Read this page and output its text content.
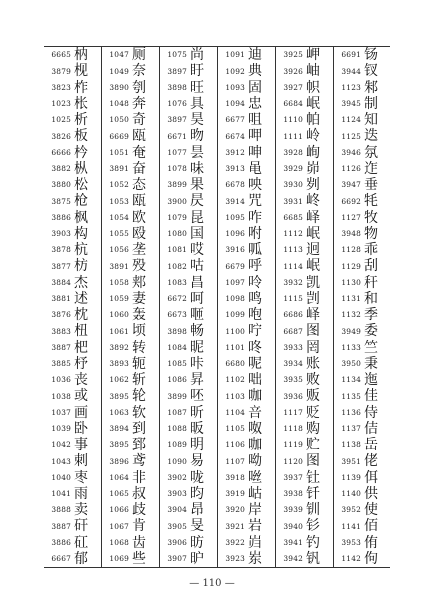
6665 枘
3879 枧
3823 柞
1023 枨
1025 析
3826 板
6666 枔
3882 枞
3880 松
3875 枪
3886 枫
3903 构
3878 杭
3877 枋
3884 杰
3881 述
3876 枕
3883 杻
3887 杷
3885 杼
1036 丧
1038 或
1037 画
1039 卧
1042 事
1043 刺
1040 枣
1041 雨
3888 卖
3887 矸
3886 矼
6667 郁
1047 厕
1049 奈
3890 刳
1048 奔
1050 奇
6669 瓯
1051 奄
3891 奋
1052 态
1053 瓯
1054 欧
1055 殴
1056 垄
3891 殁
1058 郏
1059 妻
1060 轰
1061 顷
3892 转
3893 轭
1062 斩
3895 轮
1063 软
3894 到
3895 郅
3896 鸢
1064 非
1065 叔
1066 歧
1067 肯
1068 齿
1069 些
1075 尚
3897 盱
3898 旺
1076 具
3897 昊
6671 昒
1077 昙
1078 味
3899 果
3900 昃
1079 昆
1080 国
1081 哎
1082 咕
1083 昌
6672 呵
6673 咂
3898 畅
1084 昵
1085 咔
1086 昇
3899 呸
1087 昕
1088 昄
1089 明
1090 易
3902 咙
3903 昀
3904 昂
3905 旻
3906 昉
3907 昈
1091 迪
1092 典
1093 固
1094 忠
6677 咀
6674 呷
3912 呻
3913 黾
6678 咉
3914 咒
1095 咋
1096 咐
3916 呱
6679 呼
1097 呤
1098 鸣
1099 咆
1100 咛
1101 咚
6680 呢
1102 咄
1103 咖
1104 咅
1105 呶
1106 咖
1107 呦
3918 咝
3919 岵
3920 岸
3921 岩
3922 岿
3923 岽
3925 岬
3926 岫
3927 帜
6684 岷
1110 帕
1111 岭
3928 峋
3929 峁
3930 刿
3931 峂
6685 峄
1112 岷
1113 迥
1114 岷
3932 凯
1115 剀
6686 峄
6687 图
3933 罔
3934 账
3935 败
3936 贩
1117 贬
1118 购
1119 贮
1120 图
3937 钍
3938 钎
3939 钏
3940 钐
3941 钓
3942 钒
6691 钖
3944 钗
1123 邾
3945 制
1124 知
1125 迭
3946 氛
1126 迮
3947 垂
6692 牦
1127 牧
3948 物
1128 乖
1129 刮
1130 秆
1131 和
1132 季
3949 委
1133 竺
3950 秉
1134 迤
1135 佳
1136 侍
1137 佶
1138 岳
3951 佬
1139 佴
1140 供
3952 使
1141 佰
3953 侑
1142 佝
— 110 —
